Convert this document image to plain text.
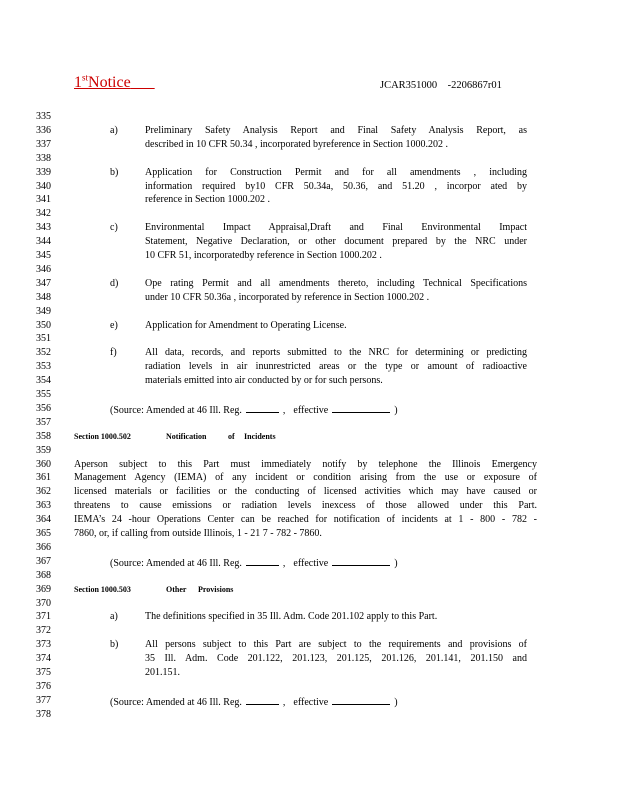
1stNotice	JCAR351000    -2206867r01
335
336
337
338
339
340
341
342
343
344
345
346
347
348
349
350
351
352
353
354
355
356
357
358
359
360
361
362
363
364
365
366
367
368
369
370
371
372
373
374
375
376
377
378
a)	Preliminary Safety Analysis Report and Final Safety Analysis Report, as
described in 10 CFR 50.34 , incorporated byreference in Section 1000.202 .
b)	Application for Construction Permit and for all amendments , including
information required by10 CFR 50.34a, 50.36, and 51.20 , incorpor ated by
reference in Section 1000.202 .
c)	Environmental Impact Appraisal,Draft and Final Environmental Impact
Statement, Negative Declaration, or other document prepared by the NRC under
10 CFR 51, incorporatedby reference in Section 1000.202 .
d)	Ope rating Permit and all amendments thereto, including Technical Specifications
under 10 CFR 50.36a , incorporated by reference in Section 1000.202 .
e)	Application for Amendment to Operating License.
f)	All data, records, and reports submitted to the NRC for determining or predicting
radiation levels in air inunrestricted areas or the type or amount of radioactive
materials emitted into air conducted by or for such persons.
(Source: Amended at 46 Ill. Reg.	, effective	)
Section 1000.502	Notification	of Incidents
Aperson subject to this Part must immediately notify by telephone the Illinois Emergency
Management Agency (IEMA) of any incident or condition arising from the use or exposure of
licensed materials or facilities or the conducting of licensed activities which may have caused or
threatens to cause emissions or radiation levels inexcess of those allowed under this Part.
IEMA’s 24 -hour Operations Center can be reached for notification of incidents at 1 - 800 - 782 -
7860, or, if calling from outside Illinois, 1 - 21 7 - 782 - 7860.
(Source: Amended at 46 Ill. Reg.	, effective	)
Section 1000.503	Other Provisions
a)	The definitions specified in 35 Ill. Adm. Code 201.102 apply to this Part.
b)	All persons subject to this Part are subject to the requirements and provisions of
35 Ill. Adm. Code 201.122, 201.123, 201.125, 201.126, 201.141, 201.150 and
201.151.
(Source: Amended at 46 Ill. Reg.	, effective	)
